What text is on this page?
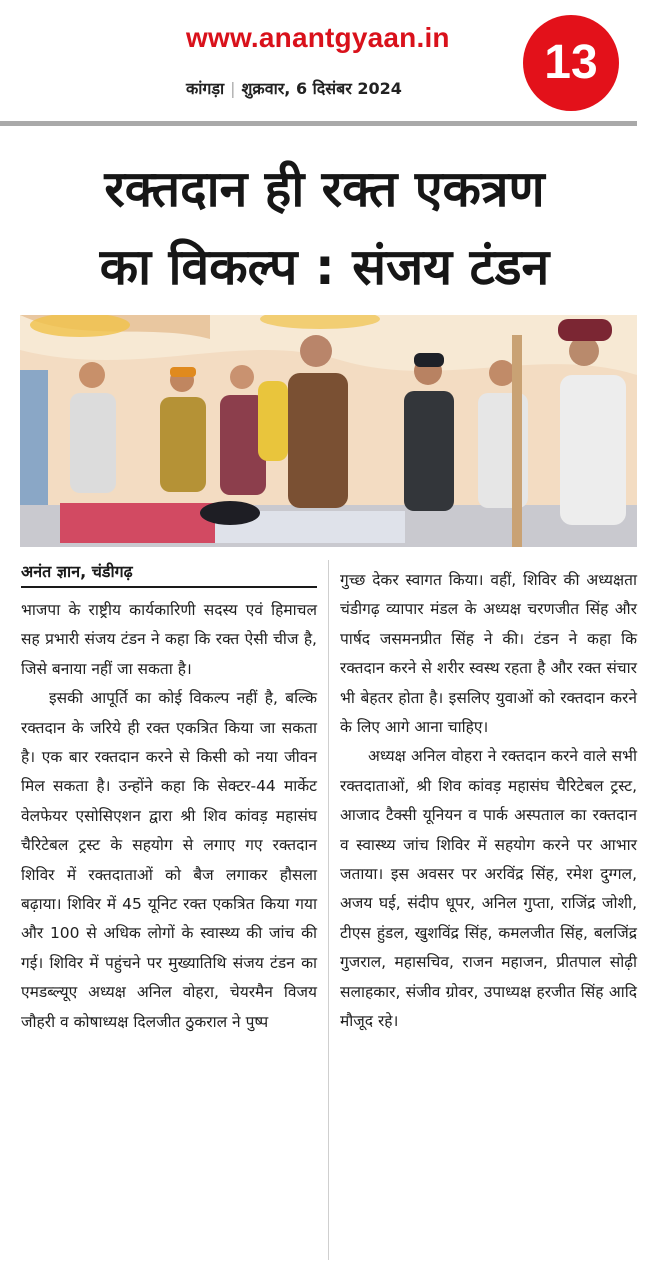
www.anantgyaan.in
कांगड़ा | शुक्रवार, 6 दिसंबर 2024	13
रक्तदान ही रक्त एकत्रण
का विकल्प : संजय टंडन
अनंत ज्ञान, चंडीगढ़

भाजपा के राष्ट्रीय कार्यकारिणी सदस्य एवं हिमाचल सह प्रभारी संजय टंडन ने कहा कि रक्त ऐसी चीज है, जिसे बनाया नहीं जा सकता है।

इसकी आपूर्ति का कोई विकल्प नहीं है, बल्कि रक्तदान के जरिये ही रक्त एकत्रित किया जा सकता है। एक बार रक्तदान करने से किसी को नया जीवन मिल सकता है। उन्होंने कहा कि सेक्टर-44 मार्केट वेलफेयर एसोसिएशन द्वारा श्री शिव कांवड़ महासंघ चैरिटेबल ट्रस्ट के सहयोग से लगाए गए रक्तदान शिविर में रक्तदाताओं को बैज लगाकर हौसला बढ़ाया। शिविर में 45 यूनिट रक्त एकत्रित किया गया और 100 से अधिक लोगों के स्वास्थ्य की जांच की गई। शिविर में पहुंचने पर मुख्यातिथि संजय टंडन का एमडब्ल्यूए अध्यक्ष अनिल वोहरा, चेयरमैन विजय जौहरी व कोषाध्यक्ष दिलजीत ठुकराल ने पुष्प

गुच्छ देकर स्वागत किया। वहीं, शिविर की अध्यक्षता चंडीगढ़ व्यापार मंडल के अध्यक्ष चरणजीत सिंह और पार्षद जसमनप्रीत सिंह ने की। टंडन ने कहा कि रक्तदान करने से शरीर स्वस्थ रहता है और रक्त संचार भी बेहतर होता है। इसलिए युवाओं को रक्तदान करने के लिए आगे आना चाहिए।

अध्यक्ष अनिल वोहरा ने रक्तदान करने वाले सभी रक्तदाताओं, श्री शिव कांवड़ महासंघ चैरिटेबल ट्रस्ट, आजाद टैक्सी यूनियन व पार्क अस्पताल का रक्तदान व स्वास्थ्य जांच शिविर में सहयोग करने पर आभार जताया। इस अवसर पर अरविंद्र सिंह, रमेश दुग्गल, अजय घई, संदीप धूपर, अनिल गुप्ता, राजिंद्र जोशी, टीएस हुंडल, खुशविंद्र सिंह, कमलजीत सिंह, बलजिंद्र गुजराल, महासचिव, राजन महाजन, प्रीतपाल सोढ़ी सलाहकार, संजीव ग्रोवर, उपाध्यक्ष हरजीत सिंह आदि मौजूद रहे।
